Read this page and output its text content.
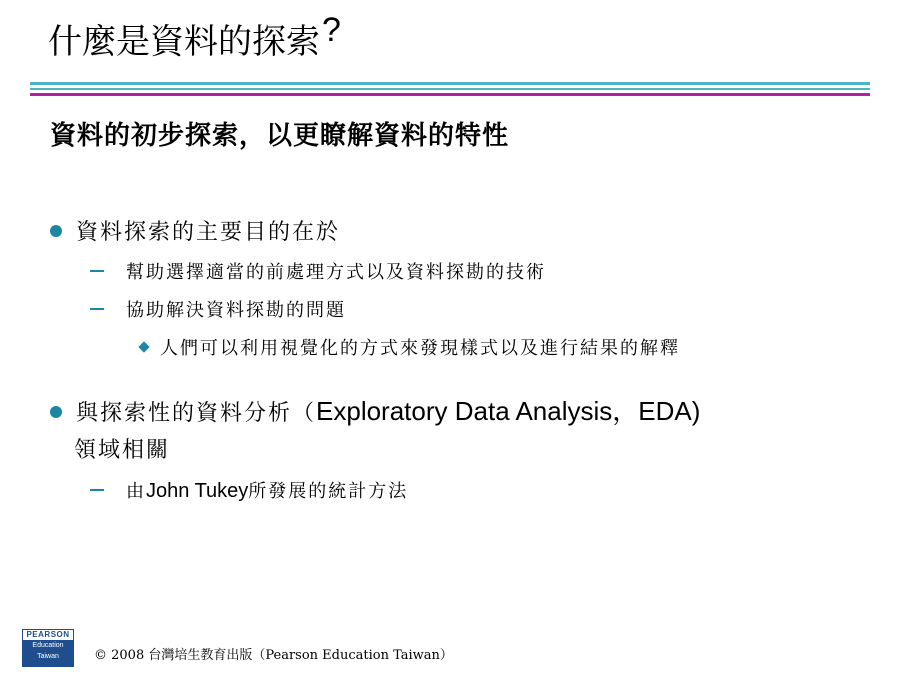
什麼是資料的探索?
資料的初步探索，以更瞭解資料的特性
資料探索的主要目的在於
幫助選擇適當的前處理方式以及資料探勘的技術
協助解決資料探勘的問題
人們可以利用視覺化的方式來發現樣式以及進行結果的解釋
與探索性的資料分析（Exploratory Data Analysis，EDA)
領域相關
由John Tukey所發展的統計方法
PEARSON
Education
Taiwan	© 2008 台灣培生教育出版（Pearson Education Taiwan）
